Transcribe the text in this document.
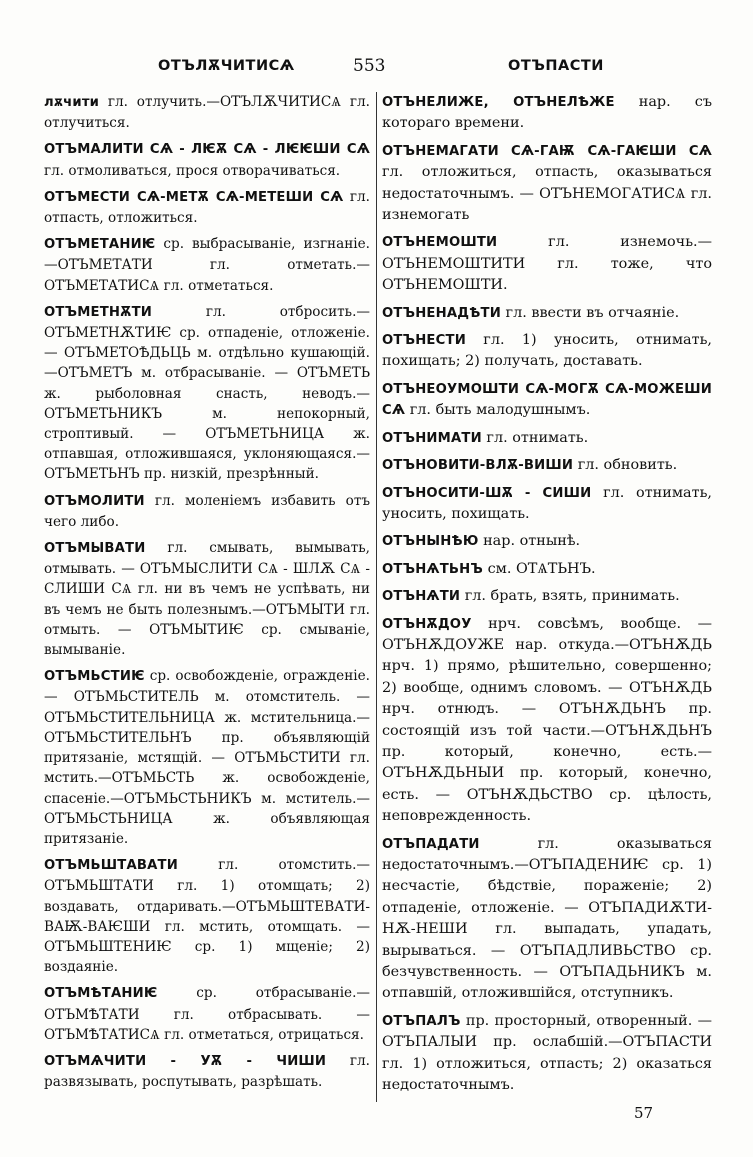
ОТЪЛѪЧИТИСѦ	553	ОТЪПАСТИ

лѫчити гл. отлучить.—ОТЪЛѪЧИТИСѦ гл. отлучиться.

ОТЪМАЛИТИ СѦ - ЛѤѪ СѦ - ЛѤѤШИ СѦ гл. отмоливаться, прося отворачиваться.

ОТЪМЕСТИ СѦ-МЕТѪ СѦ-МЕТЕШИ СѦ гл. отпасть, отложиться.

ОТЪМЕТАНИѤ ср. выбрасываніе, изгнаніе.—ОТЪМЕТАТИ гл. отметать.—ОТЪМЕТАТИСѦ гл. отметаться.

ОТЪМЕТНѪТИ гл. отбросить.—ОТЪМЕТНѪТИѤ ср. отпаденіе, отложеніе. — ОТЪМЕТОѢДЬЦЬ м. отдѣльно кушающій.—ОТЪМЕТЪ м. отбрасываніе. — ОТЪМЕТЬ ж. рыболовная снасть, неводъ.—ОТЪМЕТЬНИКЪ м. непокорный, строптивый. — ОТЪМЕТЬНИЦА ж. отпавшая, отложившаяся, уклоняющаяся.—ОТЪМЕТЬНЪ пр. низкій, презрѣнный.

ОТЪМОЛИТИ гл. моленіемъ избавить отъ чего либо.

ОТЪМЫВАТИ гл. смывать, вымывать, отмывать. — ОТЪМЫСЛИТИ СѦ - ШЛѪ СѦ - СЛИШИ СѦ гл. ни въ чемъ не успѣвать, ни въ чемъ не быть полезнымъ.—ОТЪМЫТИ гл. отмыть. — ОТЪМЫТИѤ ср. смываніе, вымываніе.

ОТЪМЬСТИѤ ср. освобожденіе, огражденіе. — ОТЪМЬСТИТЕЛЬ м. отомститель. — ОТЪМЬСТИТЕЛЬНИЦА ж. мстительница.—ОТЪМЬСТИТЕЛЬНЪ пр. объявляющій притязаніе, мстящій. — ОТЪМЬСТИТИ гл. мстить.—ОТЪМЬСТЬ ж. освобожденіе, спасеніе.—ОТЪМЬСТЬНИКЪ м. мститель.—ОТЪМЬСТЬНИЦА ж. объявляющая притязаніе.

ОТЪМЬШТАВАТИ гл. отомстить.—ОТЪМЬШТАТИ гл. 1) отомщать; 2) воздавать, отдаривать.—ОТЪМЬШТЕВАТИ-ВАѬ-ВАѤШИ гл. мстить, отомщать. —ОТЪМЬШТЕНИѤ ср. 1) мщеніе; 2) воздаяніе.

ОТЪМѢТАНИѤ ср. отбрасываніе.—ОТЪМѢТАТИ гл. отбрасывать. — ОТЪМѢТАТИСѦ гл. отметаться, отрицаться.

ОТЪМѦЧИТИ - УѪ - ЧИШИ гл. развязывать, роспутывать, разрѣшать.

ОТЪНЕЛИЖЕ, ОТЪНЕЛѢЖЕ нар. съ котораго времени.

ОТЪНЕМАГАТИ СѦ-ГАѬ СѦ-ГАѤШИ СѦ гл. отложиться, отпасть, оказываться недостаточнымъ. — ОТЪНЕМОГАТИСѦ гл. изнемогать

ОТЪНЕМОШТИ гл. изнемочь.—ОТЪНЕМОШТИТИ гл. тоже, что ОТЪНЕМОШТИ.

ОТЪНЕНАДѢТИ гл. ввести въ отчаяніе.

ОТЪНЕСТИ гл. 1) уносить, отнимать, похищать; 2) получать, доставать.

ОТЪНЕОУМОШТИ СѦ-МОГѪ СѦ-МОЖЕШИ СѦ гл. быть малодушнымъ.

ОТЪНИМАТИ гл. отнимать.

ОТЪНОВИТИ-ВЛѪ-ВИШИ гл. обновить.

ОТЪНОСИТИ-ШѪ - СИШИ гл. отнимать, уносить, похищать.

ОТЪНЫНѢЮ нар. отнынѣ.

ОТЪНѦТЬНЪ см. ОТѦТЬНЪ.

ОТЪНѦТИ гл. брать, взять, принимать.

ОТЪНѪДОУ нрч. совсѣмъ, вообще. — ОТЪНѪДОУЖЕ нар. откуда.—ОТЪНѪДЬ нрч. 1) прямо, рѣшительно, совершенно; 2) вообще, однимъ словомъ. — ОТЪНѪДЬ нрч. отнюдъ. — ОТЪНѪДЬНЪ пр. состоящій изъ той части.—ОТЪНѪДЬНЪ пр. который, конечно, есть.—ОТЪНѪДЬНЫИ пр. который, конечно, есть. — ОТЪНѪДЬСТВО ср. цѣлость, неповрежденность.

ОТЪПАДАТИ гл. оказываться недостаточнымъ.—ОТЪПАДЕНИѤ ср. 1) несчастіе, бѣдствіе, пораженіе; 2) отпаденіе, отложеніе. — ОТЪПАДИѪТИ-НѪ-НЕШИ гл. выпадать, упадать, вырываться. — ОТЪПАДЛИВЬСТВО ср. безчувственность. — ОТЪПАДЬНИКЪ м. отпавшій, отложившійся, отступникъ.

ОТЪПАЛЪ пр. просторный, отворенный. — ОТЪПАЛЫИ пр. ослабшій.—ОТЪПАСТИ гл. 1) отложиться, отпасть; 2) оказаться недостаточнымъ.

57
